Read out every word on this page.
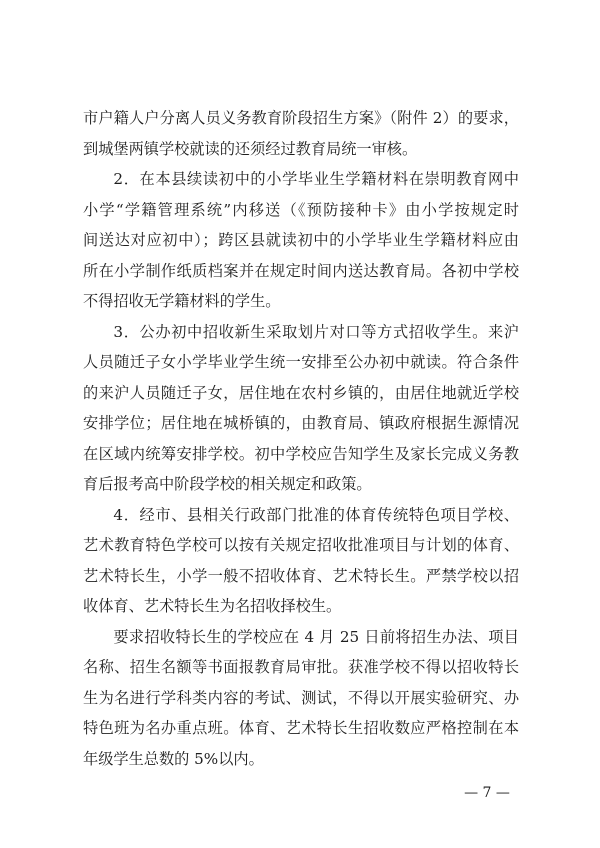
市户籍人户分离人员义务教育阶段招生方案》（附件 2）的要求，
到城堡两镇学校就读的还须经过教育局统一审核。
2．在本县续读初中的小学毕业生学籍材料在崇明教育网中
小学“学籍管理系统”内移送（《预防接种卡》由小学按规定时
间送达对应初中）；跨区县就读初中的小学毕业生学籍材料应由
所在小学制作纸质档案并在规定时间内送达教育局。各初中学校
不得招收无学籍材料的学生。
3．公办初中招收新生采取划片对口等方式招收学生。来沪
人员随迁子女小学毕业学生统一安排至公办初中就读。符合条件
的来沪人员随迁子女，居住地在农村乡镇的，由居住地就近学校
安排学位；居住地在城桥镇的，由教育局、镇政府根据生源情况
在区域内统筹安排学校。初中学校应告知学生及家长完成义务教
育后报考高中阶段学校的相关规定和政策。
4．经市、县相关行政部门批准的体育传统特色项目学校、
艺术教育特色学校可以按有关规定招收批准项目与计划的体育、
艺术特长生，小学一般不招收体育、艺术特长生。严禁学校以招
收体育、艺术特长生为名招收择校生。
要求招收特长生的学校应在 4 月 25 日前将招生办法、项目
名称、招生名额等书面报教育局审批。获准学校不得以招收特长
生为名进行学科类内容的考试、测试，不得以开展实验研究、办
特色班为名办重点班。体育、艺术特长生招收数应严格控制在本
年级学生总数的 5%以内。
— 7 —
